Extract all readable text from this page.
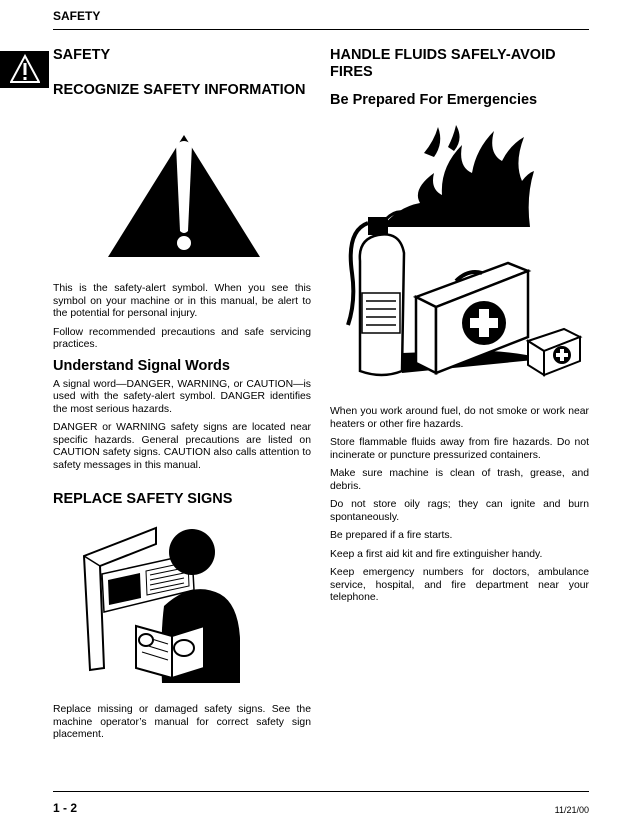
SAFETY
SAFETY
RECOGNIZE SAFETY INFORMATION

This is the safety-alert symbol. When you see this symbol on your machine or in this manual, be alert to the potential for personal injury.

Follow recommended precautions and safe servicing practices.

Understand Signal Words

A signal word—DANGER, WARNING, or CAUTION—is used with the safety-alert symbol. DANGER identifies the most serious hazards.

DANGER or WARNING safety signs are located near specific hazards. General precautions are listed on CAUTION safety signs. CAUTION also calls attention to safety messages in this manual.

REPLACE SAFETY SIGNS

Replace missing or damaged safety signs. See the machine operator’s manual for correct safety sign placement.

HANDLE FLUIDS SAFELY-AVOID FIRES
Be Prepared For Emergencies

When you work around fuel, do not smoke or work near heaters or other fire hazards.

Store flammable fluids away from fire hazards. Do not incinerate or puncture pressurized containers.

Make sure machine is clean of trash, grease, and debris.

Do not store oily rags; they can ignite and burn spontaneously.

Be prepared if a fire starts.

Keep a first aid kit and fire extinguisher handy.

Keep emergency numbers for doctors, ambulance service, hospital, and fire department near your telephone.

1 - 2	11/21/00
